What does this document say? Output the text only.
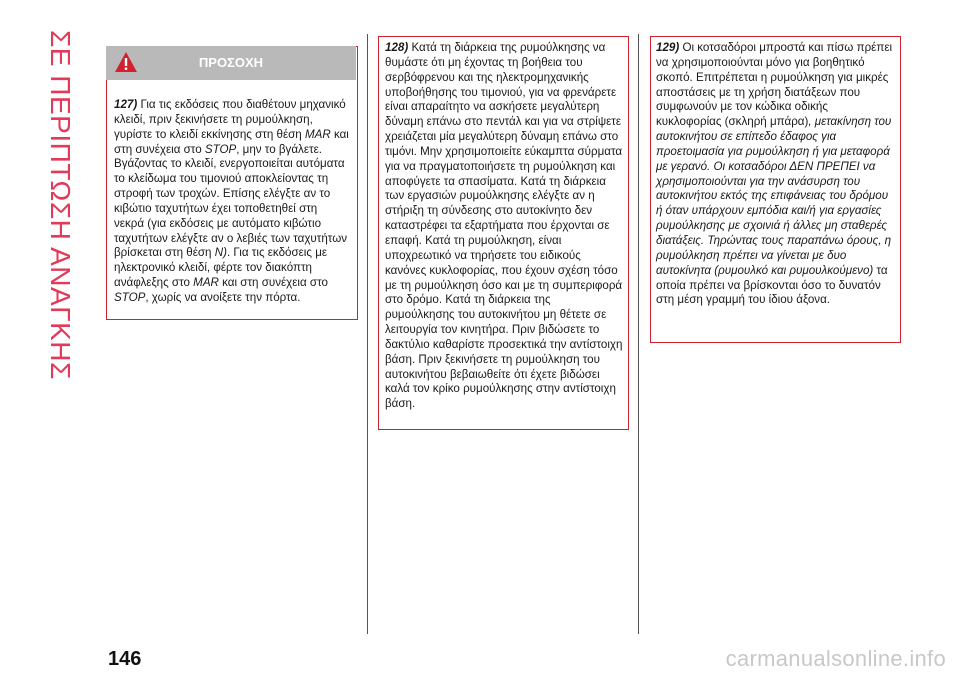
ΣΕ ΠΕΡΙΠΤΩΣΗ ΑΝΑΓΚΗΣ	ΠΡΟΣΟΧΗ

127) Για τις εκδόσεις που διαθέτουν μηχανικό κλειδί, πριν ξεκινήσετε τη ρυμούλκηση, γυρίστε το κλειδί εκκίνησης στη θέση MAR και στη συνέχεια στο STOP, μην το βγάλετε. Βγάζοντας το κλειδί, ενεργοποιείται αυτόματα το κλείδωμα του τιμονιού αποκλείοντας τη στροφή των τροχών. Επίσης ελέγξτε αν το κιβώτιο ταχυτήτων έχει τοποθετηθεί στη νεκρά (για εκδόσεις με αυτόματο κιβώτιο ταχυτήτων ελέγξτε αν ο λεβιές των ταχυτήτων βρίσκεται στη θέση N). Για τις εκδόσεις με ηλεκτρονικό κλειδί, φέρτε τον διακόπτη ανάφλεξης στο MAR και στη συνέχεια στο STOP, χωρίς να ανοίξετε την πόρτα.

128) Κατά τη διάρκεια της ρυμούλκησης να θυμάστε ότι μη έχοντας τη βοήθεια του σερβόφρενου και της ηλεκτρομηχανικής υποβοήθησης του τιμονιού, για να φρενάρετε είναι απαραίτητο να ασκήσετε μεγαλύτερη δύναμη επάνω στο πεντάλ και για να στρίψετε χρειάζεται μία μεγαλύτερη δύναμη επάνω στο τιμόνι. Μην χρησιμοποιείτε εύκαμπτα σύρματα για να πραγματοποιήσετε τη ρυμούλκηση και αποφύγετε τα σπασίματα. Κατά τη διάρκεια των εργασιών ρυμούλκησης ελέγξτε αν η στήριξη τη σύνδεσης στο αυτοκίνητο δεν καταστρέφει τα εξαρτήματα που έρχονται σε επαφή. Κατά τη ρυμούλκηση, είναι υποχρεωτικό να τηρήσετε του ειδικούς κανόνες κυκλοφορίας, που έχουν σχέση τόσο με τη ρυμούλκηση όσο και με τη συμπεριφορά στο δρόμο. Κατά τη διάρκεια της ρυμούλκησης του αυτοκινήτου μη θέτετε σε λειτουργία τον κινητήρα. Πριν βιδώσετε το δακτύλιο καθαρίστε προσεκτικά την αντίστοιχη βάση. Πριν ξεκινήσετε τη ρυμούλκηση του αυτοκινήτου βεβαιωθείτε ότι έχετε βιδώσει καλά τον κρίκο ρυμούλκησης στην αντίστοιχη βάση.

129) Οι κοτσαδόροι μπροστά και πίσω πρέπει να χρησιμοποιούνται μόνο για βοηθητικό σκοπό. Επιτρέπεται η ρυμούλκηση για μικρές αποστάσεις με τη χρήση διατάξεων που συμφωνούν με τον κώδικα οδικής κυκλοφορίας (σκληρή μπάρα), μετακίνηση του αυτοκινήτου σε επίπεδο έδαφος για προετοιμασία για ρυμούλκηση ή για μεταφορά με γερανό. Οι κοτσαδόροι ΔΕΝ ΠΡΕΠΕΙ να χρησιμοποιούνται για την ανάσυρση του αυτοκινήτου εκτός της επιφάνειας του δρόμου ή όταν υπάρχουν εμπόδια και/ή για εργασίες ρυμούλκησης με σχοινιά ή άλλες μη σταθερές διατάξεις. Τηρώντας τους παραπάνω όρους, η ρυμούλκηση πρέπει να γίνεται με δυο αυτοκίνητα (ρυμουλκό και ρυμουλκούμενο) τα οποία πρέπει να βρίσκονται όσο το δυνατόν στη μέση γραμμή του ίδιου άξονα.

146	carmanualsonline.info
